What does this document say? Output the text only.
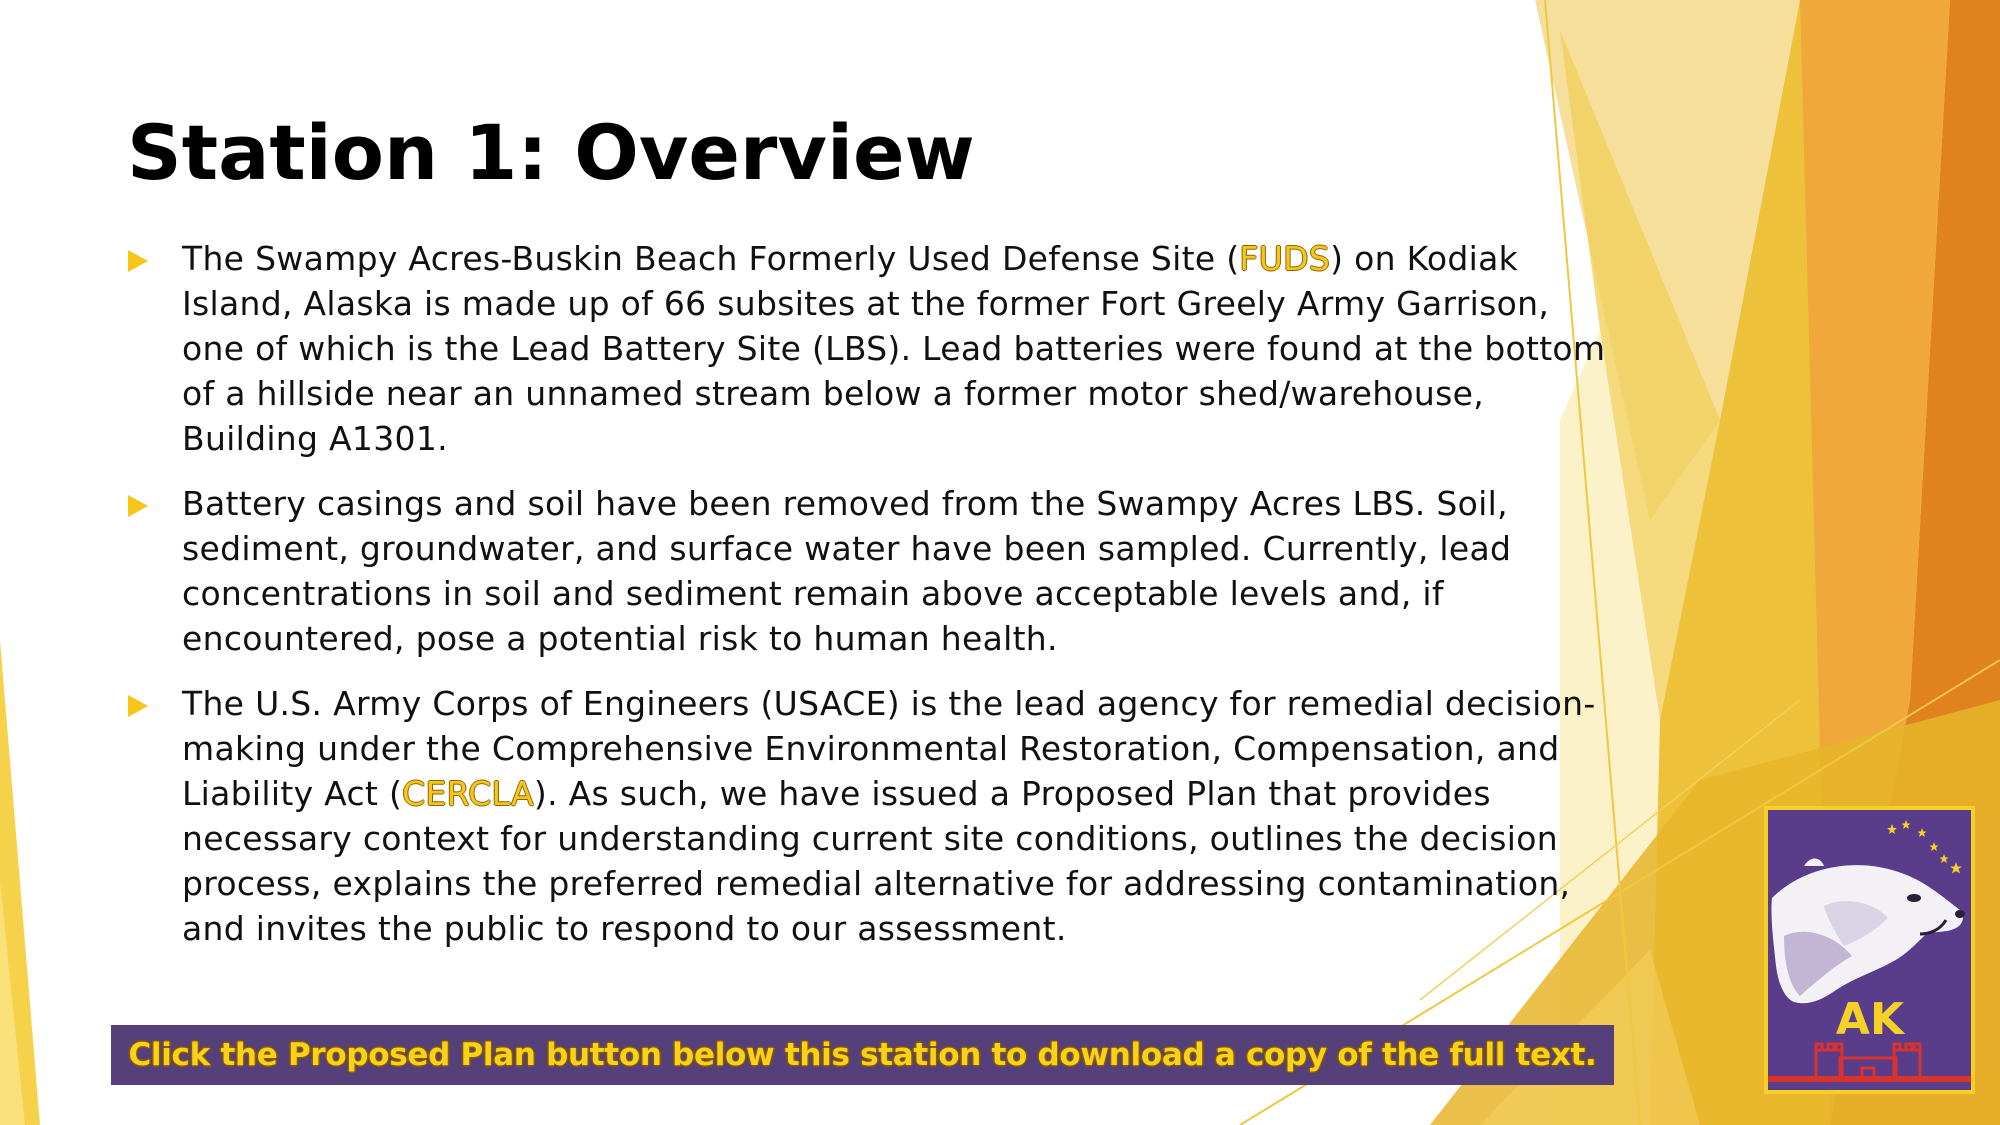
Station 1: Overview
The Swampy Acres-Buskin Beach Formerly Used Defense Site (FUDS) on Kodiak Island, Alaska is made up of 66 subsites at the former Fort Greely Army Garrison, one of which is the Lead Battery Site (LBS). Lead batteries were found at the bottom of a hillside near an unnamed stream below a former motor shed/warehouse, Building A1301.
Battery casings and soil have been removed from the Swampy Acres LBS. Soil, sediment, groundwater, and surface water have been sampled. Currently, lead concentrations in soil and sediment remain above acceptable levels and, if encountered, pose a potential risk to human health.
The U.S. Army Corps of Engineers (USACE) is the lead agency for remedial decision-making under the Comprehensive Environmental Restoration, Compensation, and Liability Act (CERCLA). As such, we have issued a Proposed Plan that provides necessary context for understanding current site conditions, outlines the decision process, explains the preferred remedial alternative for addressing contamination, and invites the public to respond to our assessment.
Click the Proposed Plan button below this station to download a copy of the full text.
AK
